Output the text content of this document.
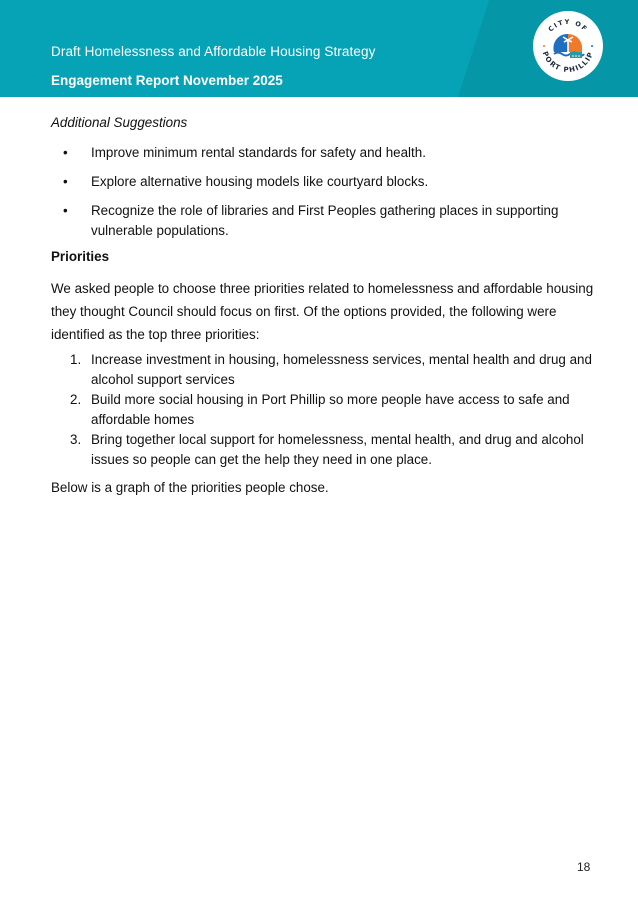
Draft Homelessness and Affordable Housing Strategy
Engagement Report November 2025
CITY OF
PORT PHILLIP
Additional Suggestions
• Improve minimum rental standards for safety and health.
• Explore alternative housing models like courtyard blocks.
• Recognize the role of libraries and First Peoples gathering places in supporting vulnerable populations.
Priorities
We asked people to choose three priorities related to homelessness and affordable housing they thought Council should focus on first. Of the options provided, the following were identified as the top three priorities:
1. Increase investment in housing, homelessness services, mental health and drug and alcohol support services
2. Build more social housing in Port Phillip so more people have access to safe and affordable homes
3. Bring together local support for homelessness, mental health, and drug and alcohol issues so people can get the help they need in one place.
Below is a graph of the priorities people chose.
18
